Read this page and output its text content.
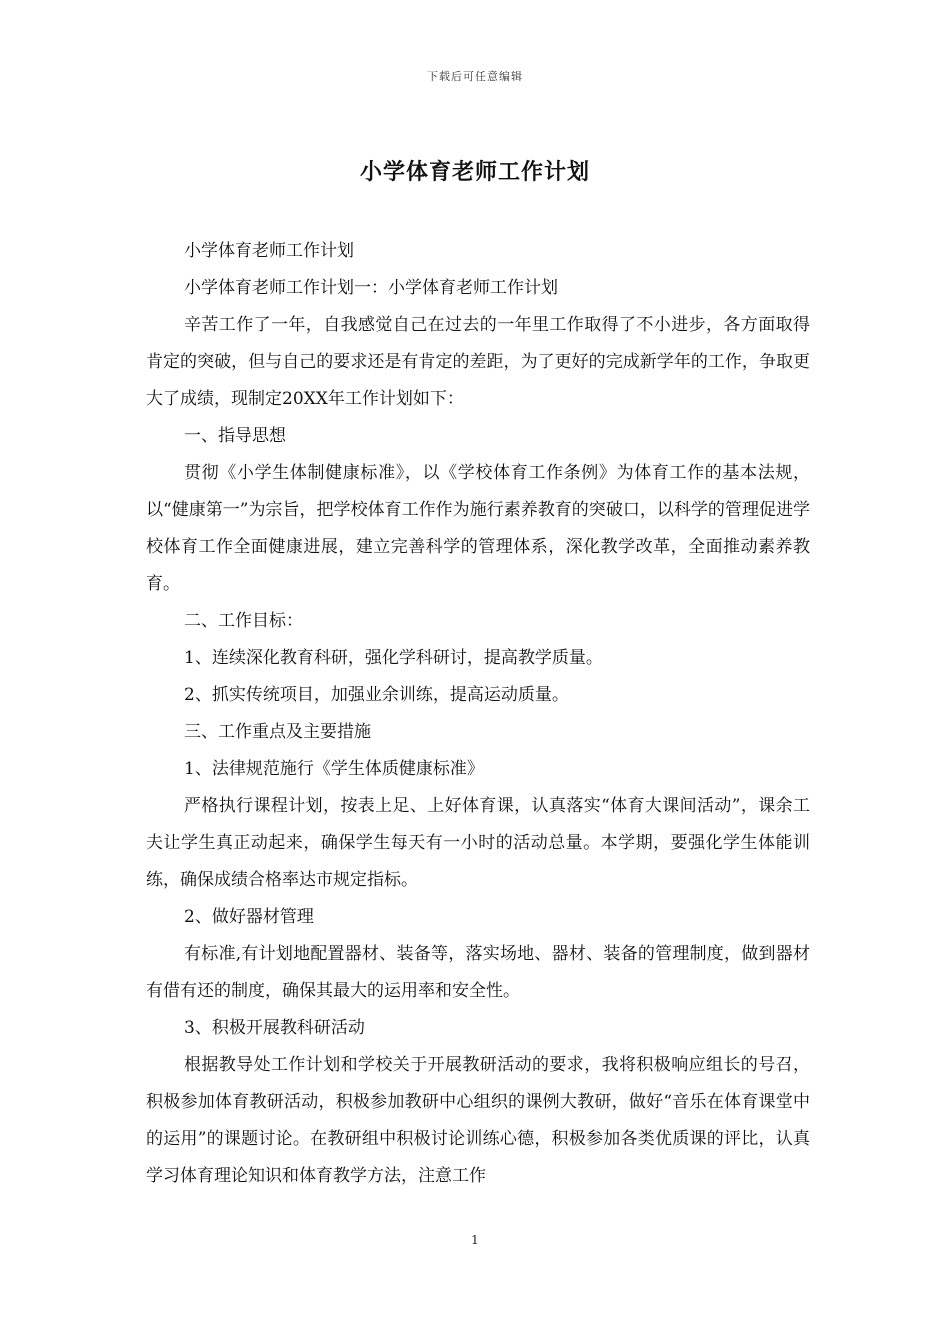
下载后可任意编辑
小学体育老师工作计划

小学体育老师工作计划

小学体育老师工作计划一：小学体育老师工作计划

辛苦工作了一年，自我感觉自己在过去的一年里工作取得了不小进步，各方面取得肯定的突破，但与自己的要求还是有肯定的差距，为了更好的完成新学年的工作，争取更大了成绩，现制定20XX年工作计划如下：

一、指导思想

贯彻《小学生体制健康标准》，以《学校体育工作条例》为体育工作的基本法规，以“健康第一”为宗旨，把学校体育工作作为施行素养教育的突破口，以科学的管理促进学校体育工作全面健康进展，建立完善科学的管理体系，深化教学改革，全面推动素养教育。

二、工作目标：

1、连续深化教育科研，强化学科研讨，提高教学质量。

2、抓实传统项目，加强业余训练，提高运动质量。

三、工作重点及主要措施

1、法律规范施行《学生体质健康标准》

严格执行课程计划，按表上足、上好体育课，认真落实“体育大课间活动”，课余工夫让学生真正动起来，确保学生每天有一小时的活动总量。本学期，要强化学生体能训练，确保成绩合格率达市规定指标。

2、做好器材管理

有标准,有计划地配置器材、装备等，落实场地、器材、装备的管理制度，做到器材有借有还的制度，确保其最大的运用率和安全性。

3、积极开展教科研活动

根据教导处工作计划和学校关于开展教研活动的要求，我将积极响应组长的号召，积极参加体育教研活动，积极参加教研中心组织的课例大教研，做好“音乐在体育课堂中的运用”的课题讨论。在教研组中积极讨论训练心德，积极参加各类优质课的评比，认真学习体育理论知识和体育教学方法，注意工作

1
